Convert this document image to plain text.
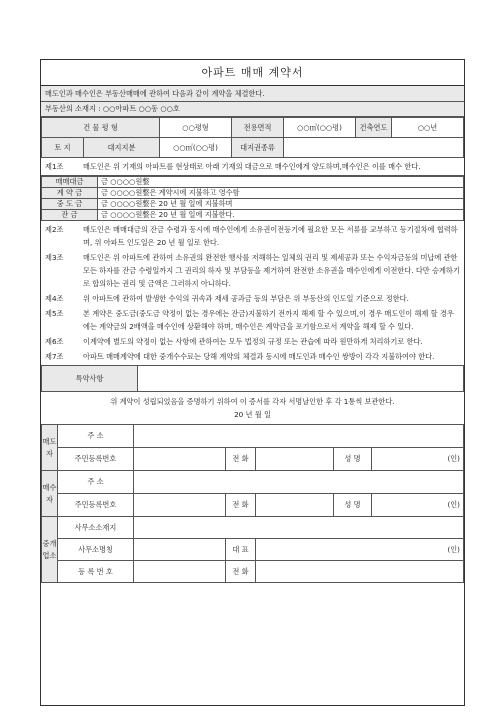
아파트 매매 계약서
매도인과 매수인은 부동산매매에 관하여 다음과 같이 계약을 체결한다.
부동산의 소재지 : ○○아파트 ○○동 ○○호
건 물 평 형		○○평형	전용면적	○○㎡(○○평)	건축연도	○○년
토 지	대지지분	○○㎡(○○평)	대지권종류			
제1조	매도인은 위 기재의 아파트를 현상태로 아래 기재의 대금으로 매수인에게 양도하며,매수인은 이를 매수 한다.
매매대금	금 ○○○○원整
계 약 금	금 ○○○○원整은 계약시에 지불하고 영수함
중 도 금	금 ○○○○원整은 20 년 월 일에 지불하며
잔 금	금 ○○○○원整은 20 년 월 일에 지불한다.
제2조	매도인은 매매대금의 잔금 수령과 동시에 매수인에게 소유권이전등기에 필요한 모든 서류를 교부하고 등기절차에 협력하며, 위 아파트 인도일은 20 년 월 일로 한다.
제3조	매도인은 위 아파트에 관하여 소유권의 완전한 행사를 저해하는 일체의 권리 및 제세공과 또는 수익자금등의 미납에 관한 모든 하자를 잔금 수령일까지 그 권리의 하자 및 부담등을 제거하여 완전한 소유권을 매수인에게 이전한다. 다만 승계하기로 합의하는 권리 및 금액은 그러하지 아니하다.
제4조	위 아파트에 관하여 발생한 수익의 귀속과 제세 공과금 등의 부담은 위 부동산의 인도일 기준으로 정한다.
제5조	본 계약은 중도금(중도금 약정이 없는 경우에는 잔금)지불하기 전까지 해제 할 수 있으며,이 경우 매도인이 해제 할 경우에는 계약금의 2배액을 매수인에 상환해야 하며, 매수인은 계약금을 포기함으로서 계약을 해제 할 수 있다.
제6조	이계약에 별도의 약정이 없는 사항에 관하여는 모두 법정의 규정 또는 관습에 따라 원만하게 처리하기로 한다.
제7조	아파트 매매계약에 대한 중개수수료는 당해 계약의 체결과 동시에 매도인과 매수인 쌍방이 각각 지불하여야 한다.
특약사항	
위 계약이 성립되었음을 증명하기 위하여 이 증서를 각자 서명날인한 후 각 1통씩 보관한다.
20 년 월 일
매도자	주 소					
	주민등록번호		전 화		성 명	(인)
매수자	주 소					
	주민등록번호		전 화		성 명	(인)
중개업소	사무소소재지					
	사무소명칭		대 표	(인)		
	등 록 번 호		전 화			
